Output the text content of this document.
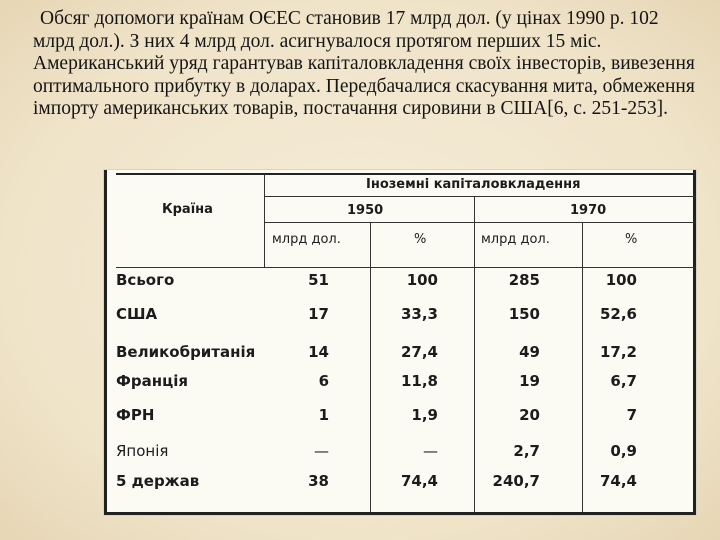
Обсяг допомоги країнам ОЄЕС становив 17 млрд дол. (у цінах 1990 р. 102 млрд дол.). З них 4 млрд дол. асигнувалося протягом перших 15 міс. Американський уряд гарантував капіталовкладення своїх інвесторів, вивезення оптимального прибутку в доларах. Передбачалися скасування мита, обмеження імпорту американських товарів, постачання сировини в США[6, с. 251-253].

Країна
Іноземні капіталовкладення
1950	1970
млрд дол.	%	млрд дол.	%
Всього	51	100	285	100
США	17	33,3	150	52,6
Великобританія	14	27,4	49	17,2
Франція	6	11,8	19	6,7
ФРН	1	1,9	20	7
Японія	—	—	2,7	0,9
5 держав	38	74,4	240,7	74,4
